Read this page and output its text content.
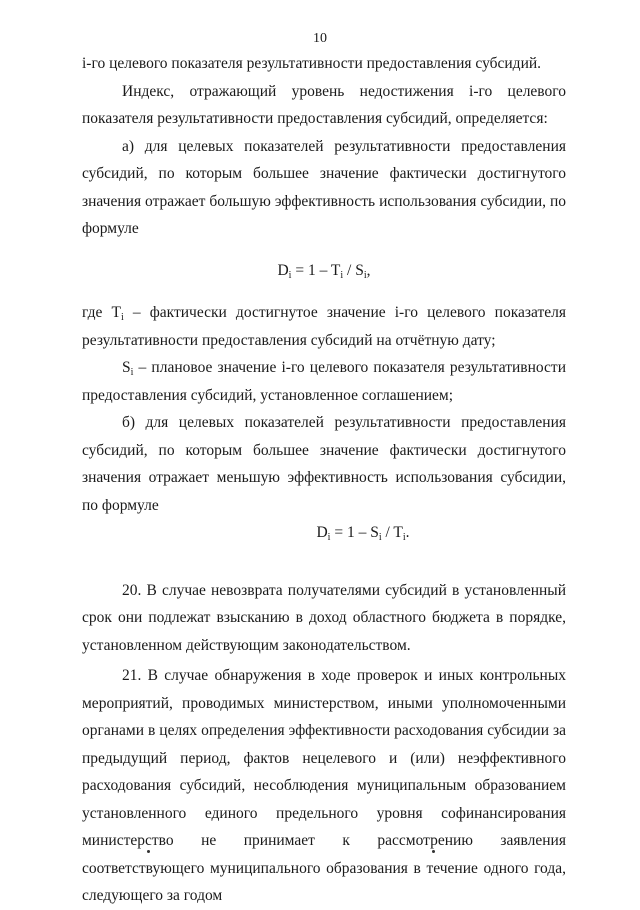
10

i-го целевого показателя результативности предоставления субсидий.

Индекс, отражающий уровень недостижения i-го целевого показателя результативности предоставления субсидий, определяется:

а) для целевых показателей результативности предоставления субсидий, по которым большее значение фактически достигнутого значения отражает большую эффективность использования субсидии, по формуле

$D_i = 1 - T_i / S_i$,

где $T_i$ – фактически достигнутое значение i-го целевого показателя результативности предоставления субсидий на отчётную дату;

$S_i$ – плановое значение i-го целевого показателя результативности предоставления субсидий, установленное соглашением;

б) для целевых показателей результативности предоставления субсидий, по которым большее значение фактически достигнутого значения отражает меньшую эффективность использования субсидии, по формуле

$D_i = 1 - S_i / T_i$.

20. В случае невозврата получателями субсидий в установленный срок они подлежат взысканию в доход областного бюджета в порядке, установленном действующим законодательством.

21. В случае обнаружения в ходе проверок и иных контрольных мероприятий, проводимых министерством, иными уполномоченными органами в целях определения эффективности расходования субсидии за предыдущий период, фактов нецелевого и (или) неэффективного расходования субсидий, несоблюдения муниципальным образованием установленного единого предельного уровня софинансирования министерство не принимает к рассмотрению заявления соответствующего муниципального образования в течение одного года, следующего за годом
